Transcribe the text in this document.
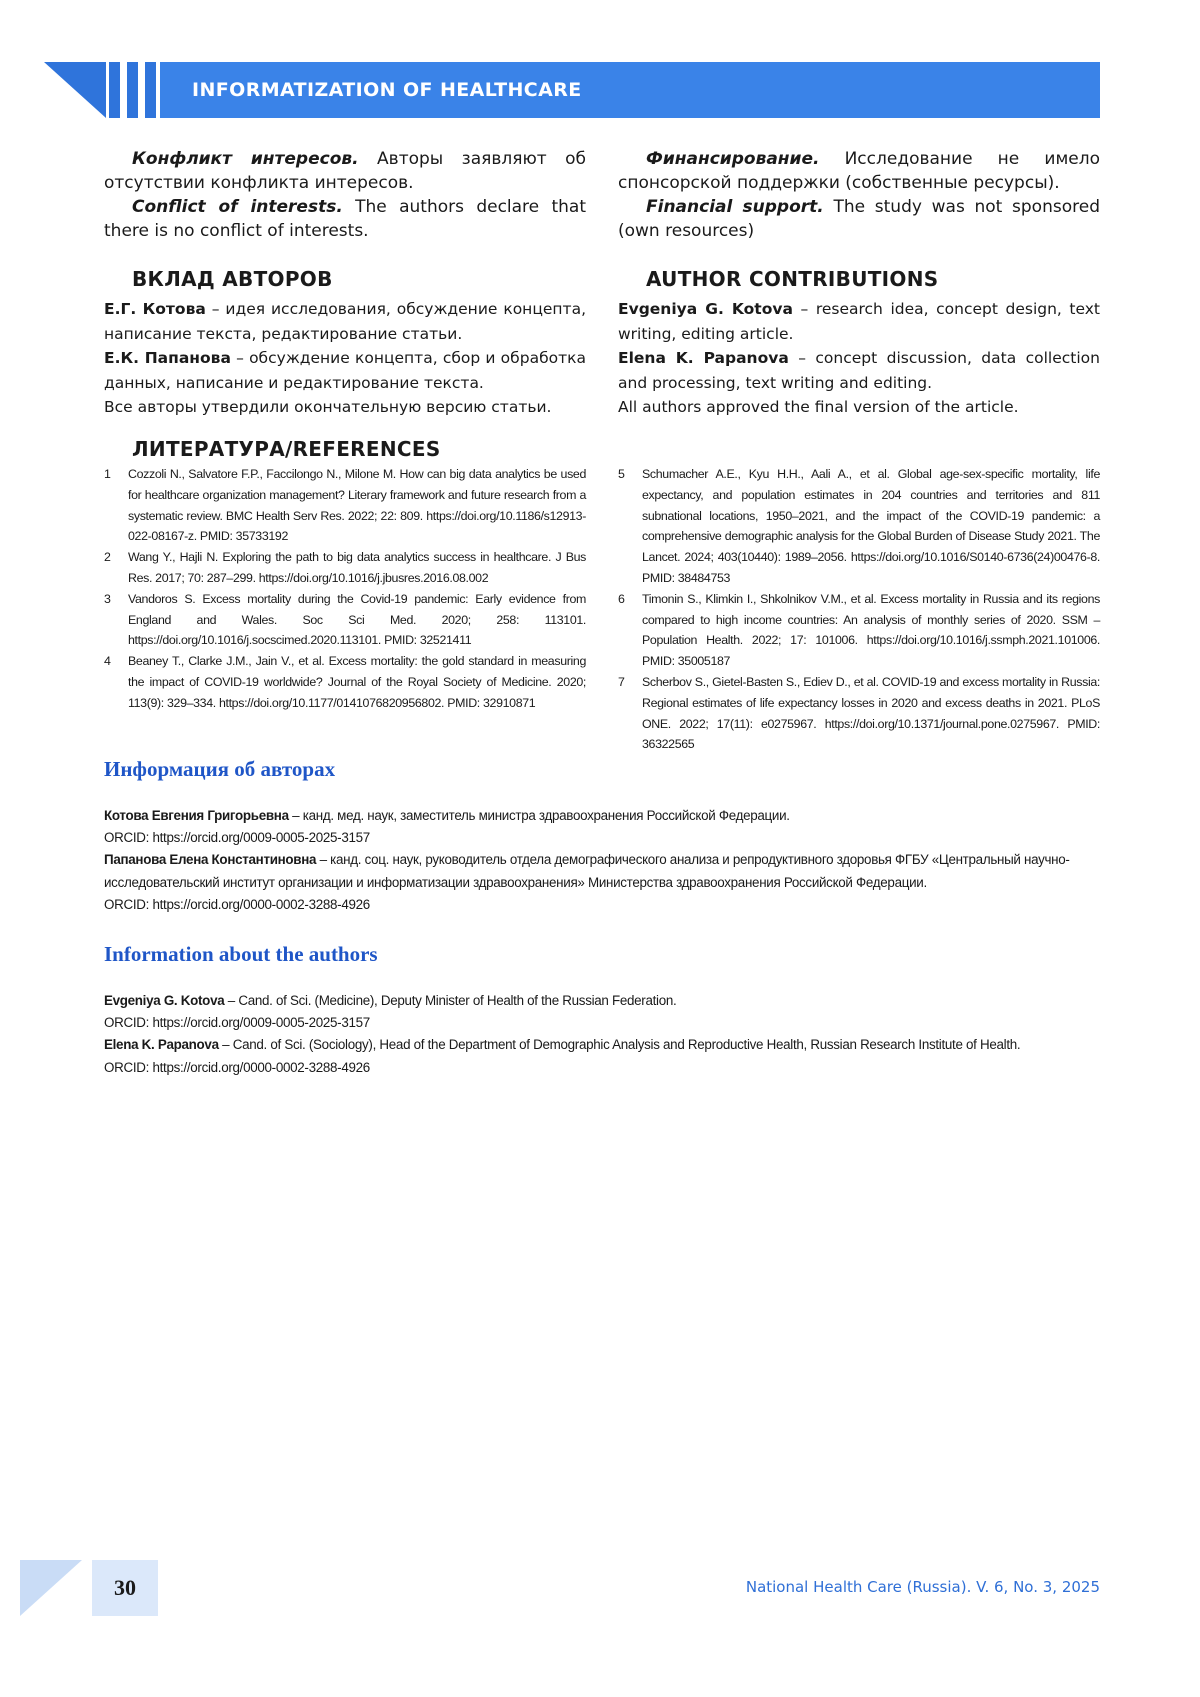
INFORMATIZATION OF HEALTHCARE

Конфликт интересов. Авторы заявляют об отсутствии конфликта интересов.

Conflict of interests. The authors declare that there is no conflict of interests.

Финансирование. Исследование не имело спонсорской поддержки (собственные ресурсы).

Financial support. The study was not sponsored (own resources)

ВКЛАД АВТОРОВ

Е.Г. Котова – идея исследования, обсуждение концепта, написание текста, редактирование статьи.

Е.К. Папанова – обсуждение концепта, сбор и обработка данных, написание и редактирование текста.

Все авторы утвердили окончательную версию статьи.

AUTHOR CONTRIBUTIONS

Evgeniya G. Kotova – research idea, concept design, text writing, editing article.

Elena K. Papanova – concept discussion, data collection and processing, text writing and editing.

All authors approved the final version of the article.

ЛИТЕРАТУРА/REFERENCES
1	Cozzoli N., Salvatore F.P., Faccilongo N., Milone M. How can big data analytics be used for healthcare organization management? Literary framework and future research from a systematic review. BMC Health Serv Res. 2022; 22: 809. https://doi.org/10.1186/s12913-022-08167-z. PMID: 35733192
2	Wang Y., Hajli N. Exploring the path to big data analytics success in healthcare. J Bus Res. 2017; 70: 287–299. https://doi.org/10.1016/j.jbusres.2016.08.002
3	Vandoros S. Excess mortality during the Covid-19 pandemic: Early evidence from England and Wales. Soc Sci Med. 2020; 258: 113101. https://doi.org/10.1016/j.socscimed.2020.113101. PMID: 32521411
4	Beaney T., Clarke J.M., Jain V., et al. Excess mortality: the gold standard in measuring the impact of COVID-19 worldwide? Journal of the Royal Society of Medicine. 2020; 113(9): 329–334. https://doi.org/10.1177/0141076820956802. PMID: 32910871
5	Schumacher A.E., Kyu H.H., Aali A., et al. Global age-sex-specific mortality, life expectancy, and population estimates in 204 countries and territories and 811 subnational locations, 1950–2021, and the impact of the COVID-19 pandemic: a comprehensive demographic analysis for the Global Burden of Disease Study 2021. The Lancet. 2024; 403(10440): 1989–2056. https://doi.org/10.1016/S0140-6736(24)00476-8. PMID: 38484753
6	Timonin S., Klimkin I., Shkolnikov V.M., et al. Excess mortality in Russia and its regions compared to high income countries: An analysis of monthly series of 2020. SSM – Population Health. 2022; 17: 101006. https://doi.org/10.1016/j.ssmph.2021.101006. PMID: 35005187
7	Scherbov S., Gietel-Basten S., Ediev D., et al. COVID-19 and excess mortality in Russia: Regional estimates of life expectancy losses in 2020 and excess deaths in 2021. PLoS ONE. 2022; 17(11): e0275967. https://doi.org/10.1371/journal.pone.0275967. PMID: 36322565
Информация об авторах

Котова Евгения Григорьевна – канд. мед. наук, заместитель министра здравоохранения Российской Федерации.

ORCID: https://orcid.org/0009-0005-2025-3157

Папанова Елена Константиновна – канд. соц. наук, руководитель отдела демографического анализа и репродуктивного здоровья ФГБУ «Центральный научно-исследовательский институт организации и информатизации здравоохранения» Министерства здравоохранения Российской Федерации.

ORCID: https://orcid.org/0000-0002-3288-4926

Information about the authors

Evgeniya G. Kotova – Cand. of Sci. (Medicine), Deputy Minister of Health of the Russian Federation.

ORCID: https://orcid.org/0009-0005-2025-3157

Elena K. Papanova – Cand. of Sci. (Sociology), Head of the Department of Demographic Analysis and Reproductive Health, Russian Research Institute of Health.

ORCID: https://orcid.org/0000-0002-3288-4926

30	National Health Care (Russia). V. 6, No. 3, 2025
